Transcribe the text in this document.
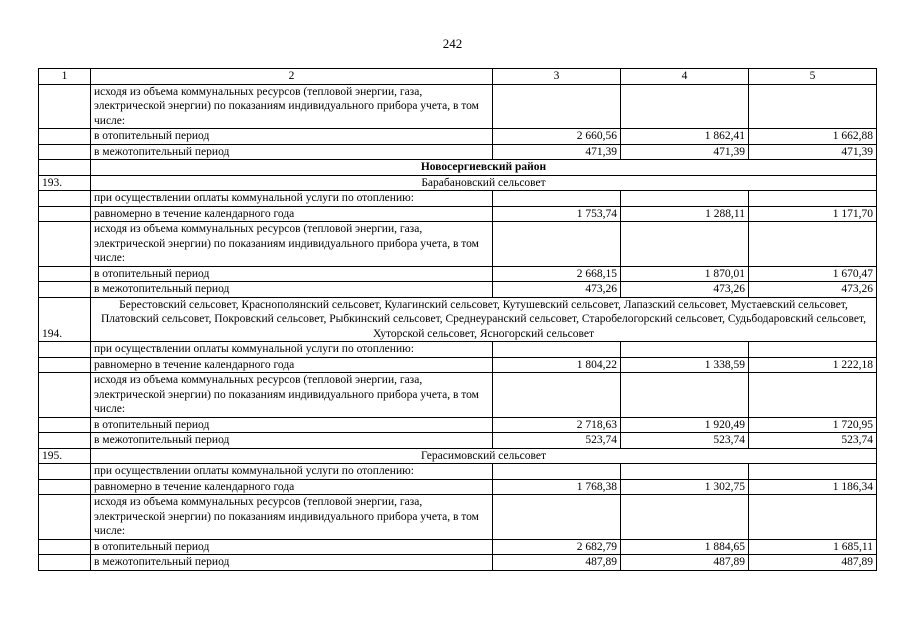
242
1	2	3	4	5
	исходя из объема коммунальных ресурсов (тепловой энергии, газа, электрической энергии) по показаниям индивидуального прибора учета, в том числе:			
	в отопительный период	2 660,56	1 862,41	1 662,88
	в межотопительный период	471,39	471,39	471,39
	Новосергиевский район			
193.	Барабановский сельсовет			
	при осуществлении оплаты коммунальной услуги по отоплению:			
	равномерно в течение календарного года	1 753,74	1 288,11	1 171,70
	исходя из объема коммунальных ресурсов (тепловой энергии, газа, электрической энергии) по показаниям индивидуального прибора учета, в том числе:			
	в отопительный период	2 668,15	1 870,01	1 670,47
	в межотопительный период	473,26	473,26	473,26
194.	Берестовский сельсовет, Краснополянский сельсовет, Кулагинский сельсовет, Кутушевский сельсовет, Лапазский сельсовет, Мустаевский сельсовет, Платовский сельсовет, Покровский сельсовет, Рыбкинский сельсовет, Среднеуранский сельсовет, Старобелогорский сельсовет, Судьбодаровский сельсовет, Хуторской сельсовет, Ясногорский сельсовет			
	при осуществлении оплаты коммунальной услуги по отоплению:			
	равномерно в течение календарного года	1 804,22	1 338,59	1 222,18
	исходя из объема коммунальных ресурсов (тепловой энергии, газа, электрической энергии) по показаниям индивидуального прибора учета, в том числе:			
	в отопительный период	2 718,63	1 920,49	1 720,95
	в межотопительный период	523,74	523,74	523,74
195.	Герасимовский сельсовет			
	при осуществлении оплаты коммунальной услуги по отоплению:			
	равномерно в течение календарного года	1 768,38	1 302,75	1 186,34
	исходя из объема коммунальных ресурсов (тепловой энергии, газа, электрической энергии) по показаниям индивидуального прибора учета, в том числе:			
	в отопительный период	2 682,79	1 884,65	1 685,11
	в межотопительный период	487,89	487,89	487,89
